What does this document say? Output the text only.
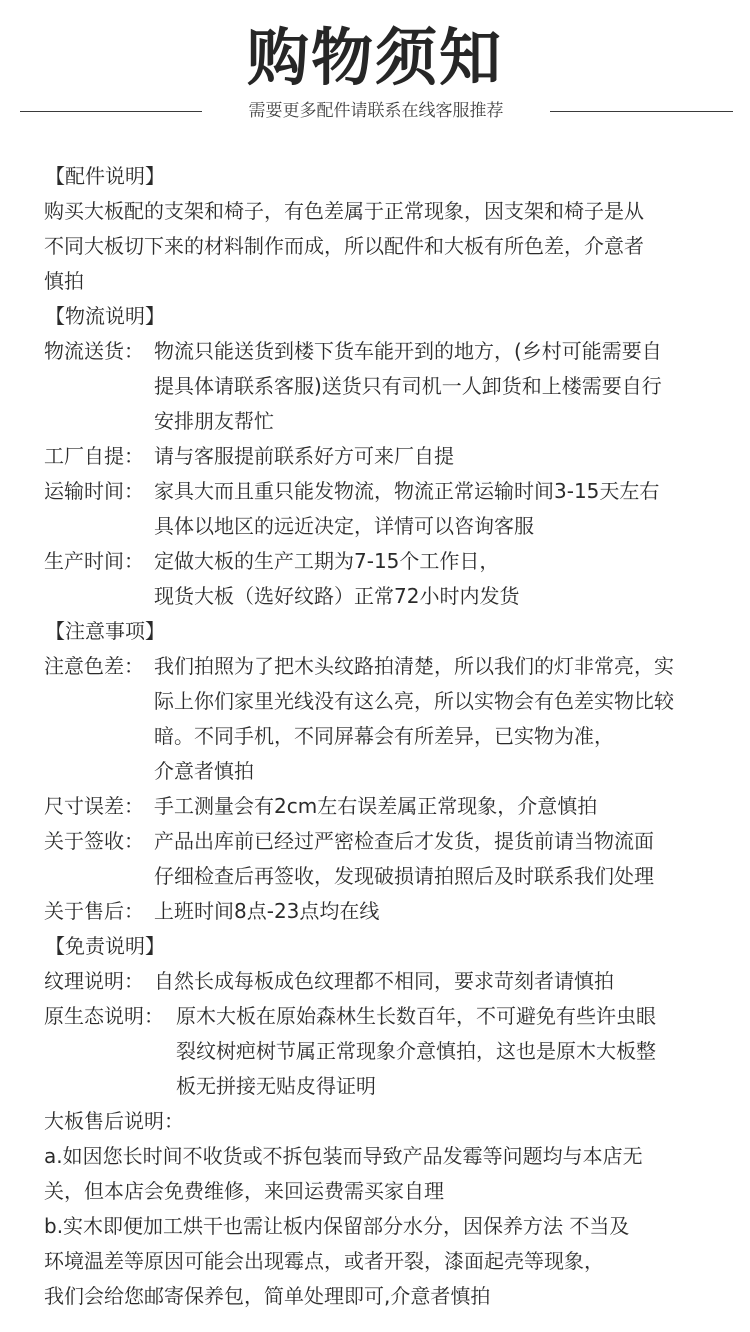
购物须知
需要更多配件请联系在线客服推荐
【配件说明】
购买大板配的支架和椅子，有色差属于正常现象，因支架和椅子是从
不同大板切下来的材料制作而成，所以配件和大板有所色差，介意者
慎拍
【物流说明】
物流送货： 物流只能送货到楼下货车能开到的地方，(乡村可能需要自
提具体请联系客服)送货只有司机一人卸货和上楼需要自行
安排朋友帮忙
工厂自提： 请与客服提前联系好方可来厂自提
运输时间： 家具大而且重只能发物流，物流正常运输时间3-15天左右
具体以地区的远近决定，详情可以咨询客服
生产时间： 定做大板的生产工期为7-15个工作日，
现货大板（选好纹路）正常72小时内发货
【注意事项】
注意色差： 我们拍照为了把木头纹路拍清楚，所以我们的灯非常亮，实
际上你们家里光线没有这么亮，所以实物会有色差实物比较
暗。不同手机，不同屏幕会有所差异，已实物为准，
介意者慎拍
尺寸误差： 手工测量会有2cm左右误差属正常现象，介意慎拍
关于签收： 产品出库前已经过严密检查后才发货，提货前请当物流面
仔细检查后再签收，发现破损请拍照后及时联系我们处理
关于售后： 上班时间8点-23点均在线
【免责说明】
纹理说明： 自然长成每板成色纹理都不相同，要求苛刻者请慎拍
原生态说明： 原木大板在原始森林生长数百年，不可避免有些许虫眼
裂纹树疤树节属正常现象介意慎拍，这也是原木大板整
板无拼接无贴皮得证明
大板售后说明：
a.如因您长时间不收货或不拆包装而导致产品发霉等问题均与本店无
关，但本店会免费维修，来回运费需买家自理
b.实木即便加工烘干也需让板内保留部分水分，因保养方法 不当及
环境温差等原因可能会出现霉点，或者开裂，漆面起壳等现象，
我们会给您邮寄保养包，简单处理即可,介意者慎拍
